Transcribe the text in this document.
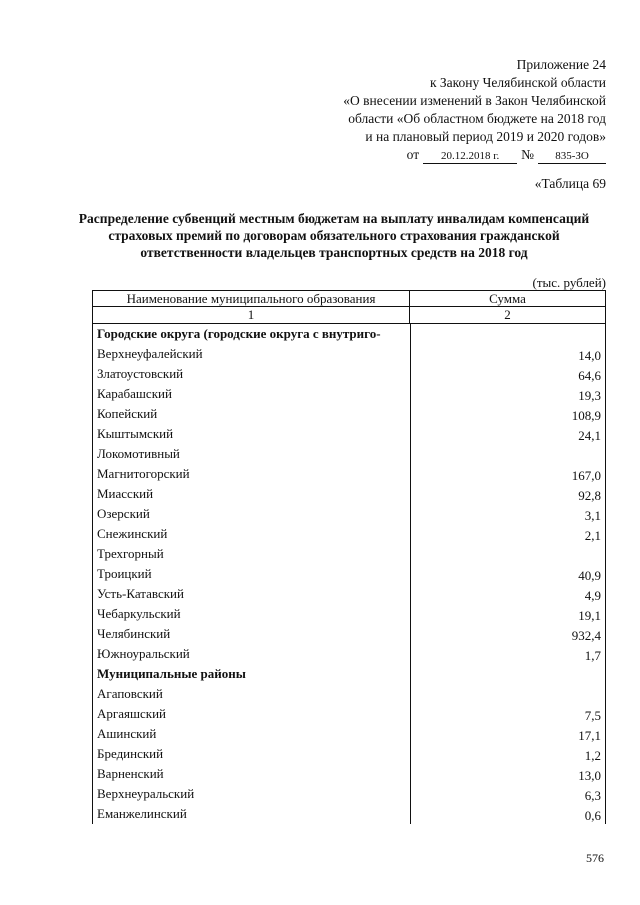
Приложение 24
к Закону Челябинской области
«О внесении изменений в Закон Челябинской
области «Об областном бюджете на 2018 год
и на плановый период 2019 и 2020 годов»
от	20.12.2018 г.	№	835-ЗО
«Таблица 69
Распределение субвенций местным бюджетам на выплату инвалидам компенсаций страховых премий по договорам обязательного страхования гражданской ответственности владельцев транспортных средств на 2018 год
(тыс. рублей)
Наименование муниципального образования	Сумма
1	2
Городские округа (городские округа с внутриго-
Верхнеуфалейский	14,0
Златоустовский	64,6
Карабашский	19,3
Копейский	108,9
Кыштымский	24,1
Локомотивный
Магнитогорский	167,0
Миасский	92,8
Озерский	3,1
Снежинский	2,1
Трехгорный
Троицкий	40,9
Усть-Катавский	4,9
Чебаркульский	19,1
Челябинский	932,4
Южноуральский	1,7
Муниципальные районы
Агаповский
Аргаяшский	7,5
Ашинский	17,1
Брединский	1,2
Варненский	13,0
Верхнеуральский	6,3
Еманжелинский	0,6
576
